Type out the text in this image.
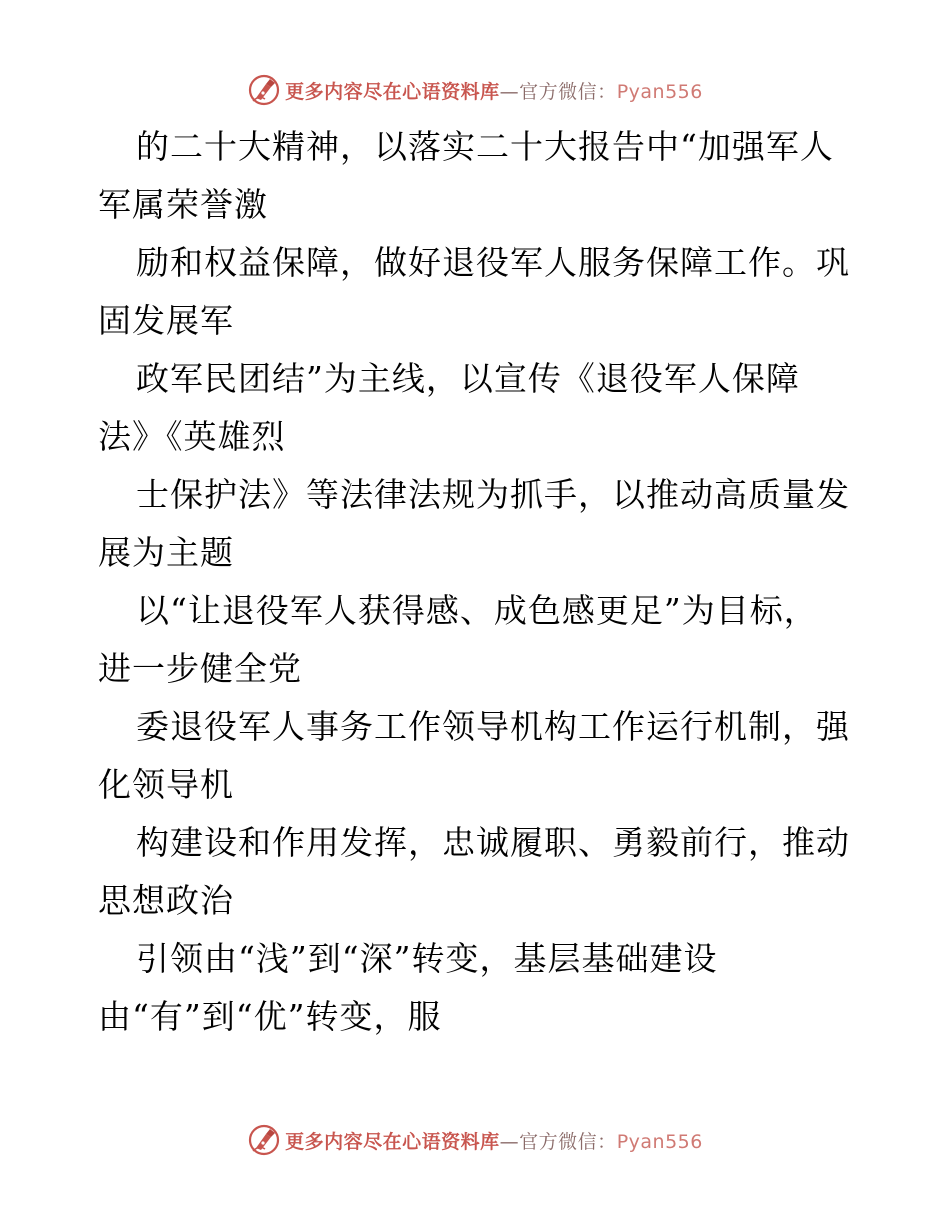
更多内容尽在心语资料库—官方微信：Pyan556
的二十大精神，以落实二十大报告中“加强军人
军属荣誉激
励和权益保障，做好退役军人服务保障工作。巩
固发展军
政军民团结”为主线，以宣传《退役军人保障
法》《英雄烈
士保护法》等法律法规为抓手，以推动高质量发
展为主题
以“让退役军人获得感、成色感更足”为目标，
进一步健全党
委退役军人事务工作领导机构工作运行机制，强
化领导机
构建设和作用发挥，忠诚履职、勇毅前行，推动
思想政治
引领由“浅”到“深”转变，基层基础建设
由“有”到“优”转变，服
更多内容尽在心语资料库—官方微信：Pyan556
